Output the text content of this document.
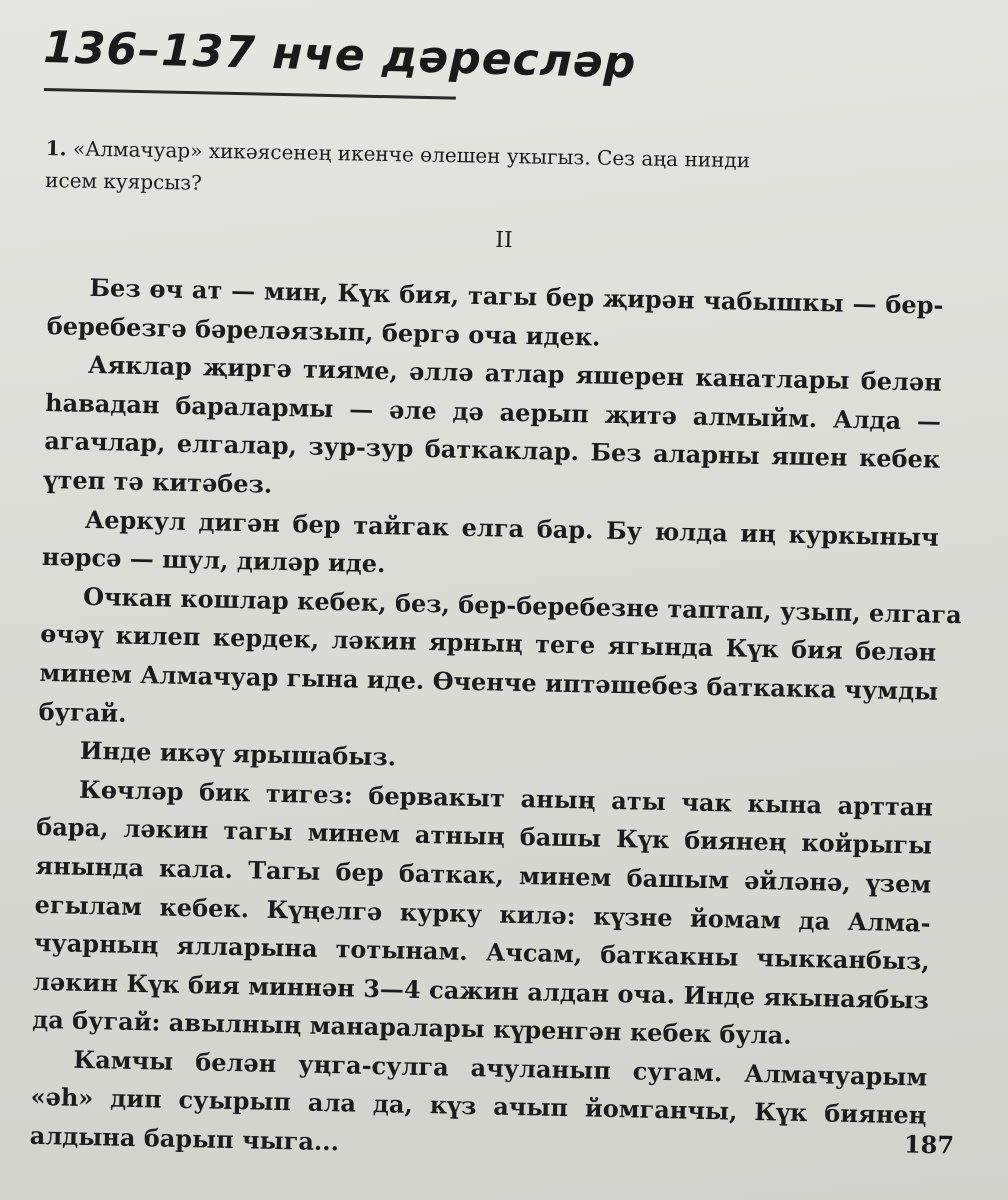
136–137 нче дәресләр
1. «Алмачуар» хикәясенең икенче өлешен укыгыз. Сез аңа нинди
исем куярсыз?
II
Без өч ат — мин, Күк бия, тагы бер җирән чабышкы — бер-
беребезгә бәреләязып, бергә оча идек.
Аяклар җиргә тияме, әллә атлар яшерен канатлары белән
һавадан баралармы — әле дә аерып җитә алмыйм. Алда —
агачлар, елгалар, зур-зур баткаклар. Без аларны яшен кебек
үтеп тә китәбез.
Аеркул дигән бер тайгак елга бар. Бу юлда иң куркыныч
нәрсә — шул, диләр иде.
Очкан кошлар кебек, без, бер-беребезне таптап, узып, елгага
өчәү килеп кердек, ләкин ярның теге ягында Күк бия белән
минем Алмачуар гына иде. Өченче иптәшебез баткакка чумды
бугай.
Инде икәү ярышабыз.
Көчләр бик тигез: бервакыт аның аты чак кына арттан
бара, ләкин тагы минем атның башы Күк биянең койрыгы
янында кала. Тагы бер баткак, минем башым әйләнә, үзем
егылам кебек. Күңелгә курку килә: күзне йомам да Алма-
чуарның ялларына тотынам. Ачсам, баткакны чыкканбыз,
ләкин Күк бия миннән 3—4 сажин алдан оча. Инде якынаябыз
да бугай: авылның манаралары күренгән кебек була.
Камчы белән уңга-сулга ачуланып сугам. Алмачуарым
«әһ» дип суырып ала да, күз ачып йомганчы, Күк биянең
алдына барып чыга...	187
